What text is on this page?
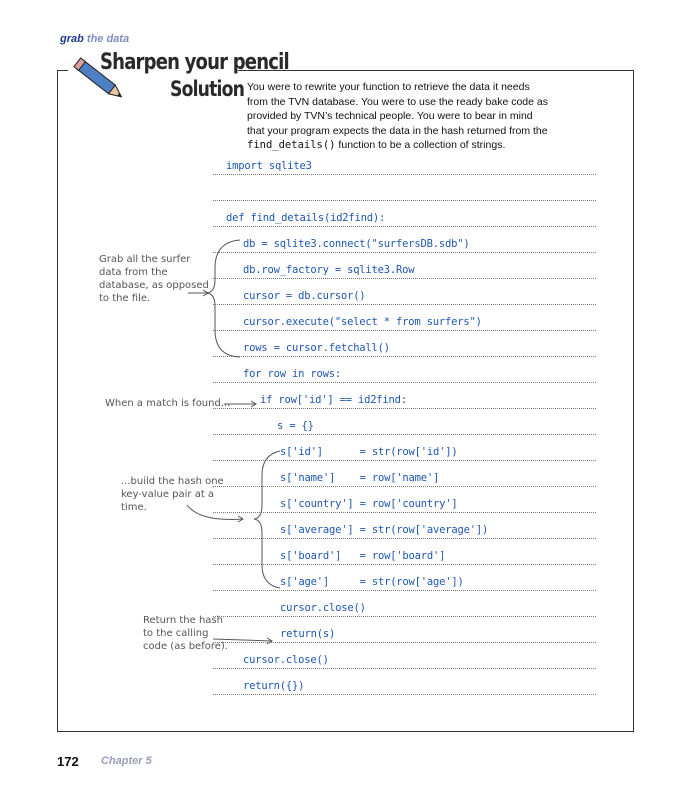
grab the data
Sharpen your pencil
Solution You were to rewrite your function to retrieve the data it needs
from the TVN database. You were to use the ready bake code as
provided by TVN’s technical people. You were to bear in mind
that your program expects the data in the hash returned from the
find_details() function to be a collection of strings.
import sqlite3
def find_details(id2find):
db = sqlite3.connect("surfersDB.sdb")
db.row_factory = sqlite3.Row
cursor = db.cursor()
cursor.execute("select * from surfers")
rows = cursor.fetchall()
for row in rows:
if row['id'] == id2find:
s = {}
s['id']      = str(row['id'])
s['name']    = row['name']
s['country'] = row['country']
s['average'] = str(row['average'])
s['board']   = row['board']
s['age']     = str(row['age'])
cursor.close()
return(s)
cursor.close()
return({})
Grab all the surfer
data from the
database, as opposed
to the file.
When a match is found...
...build the hash one
key-value pair at a
time.
Return the hash
to the calling
code (as before).
172 Chapter 5
